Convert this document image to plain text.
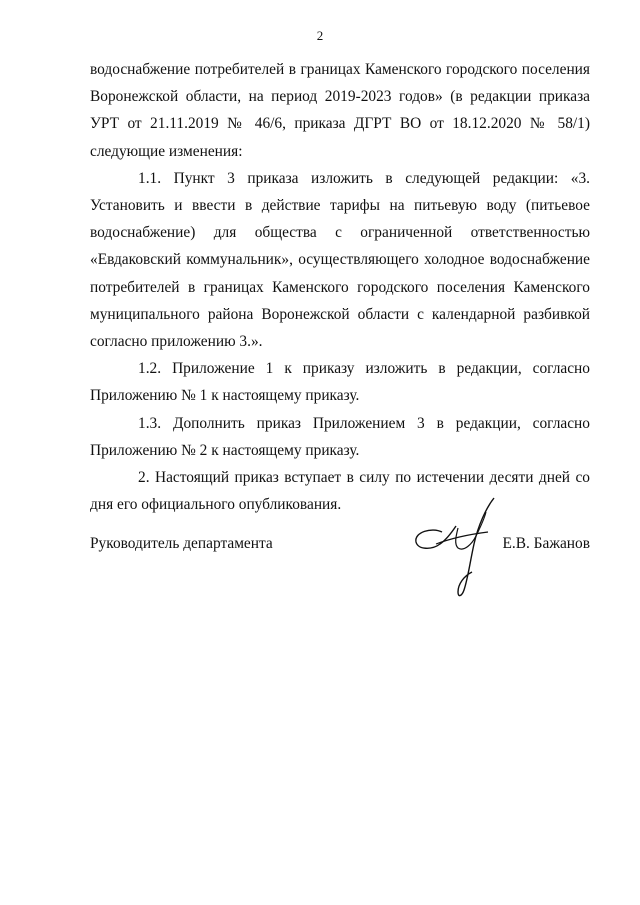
2

водоснабжение потребителей в границах Каменского городского поселения Воронежской области, на период 2019-2023 годов» (в редакции приказа УРТ от 21.11.2019 № 46/6, приказа ДГРТ ВО от 18.12.2020 № 58/1) следующие изменения:

1.1. Пункт 3 приказа изложить в следующей редакции: «3. Установить и ввести в действие тарифы на питьевую воду (питьевое водоснабжение) для общества с ограниченной ответственностью «Евдаковский коммунальник», осуществляющего холодное водоснабжение потребителей в границах Каменского городского поселения Каменского муниципального района Воронежской области с календарной разбивкой согласно приложению 3.».

1.2. Приложение 1 к приказу изложить в редакции, согласно Приложению № 1 к настоящему приказу.

1.3. Дополнить приказ Приложением 3 в редакции, согласно Приложению № 2 к настоящему приказу.

2. Настоящий приказ вступает в силу по истечении десяти дней со дня его официального опубликования.

Руководитель департамента	Е.В. Бажанов
